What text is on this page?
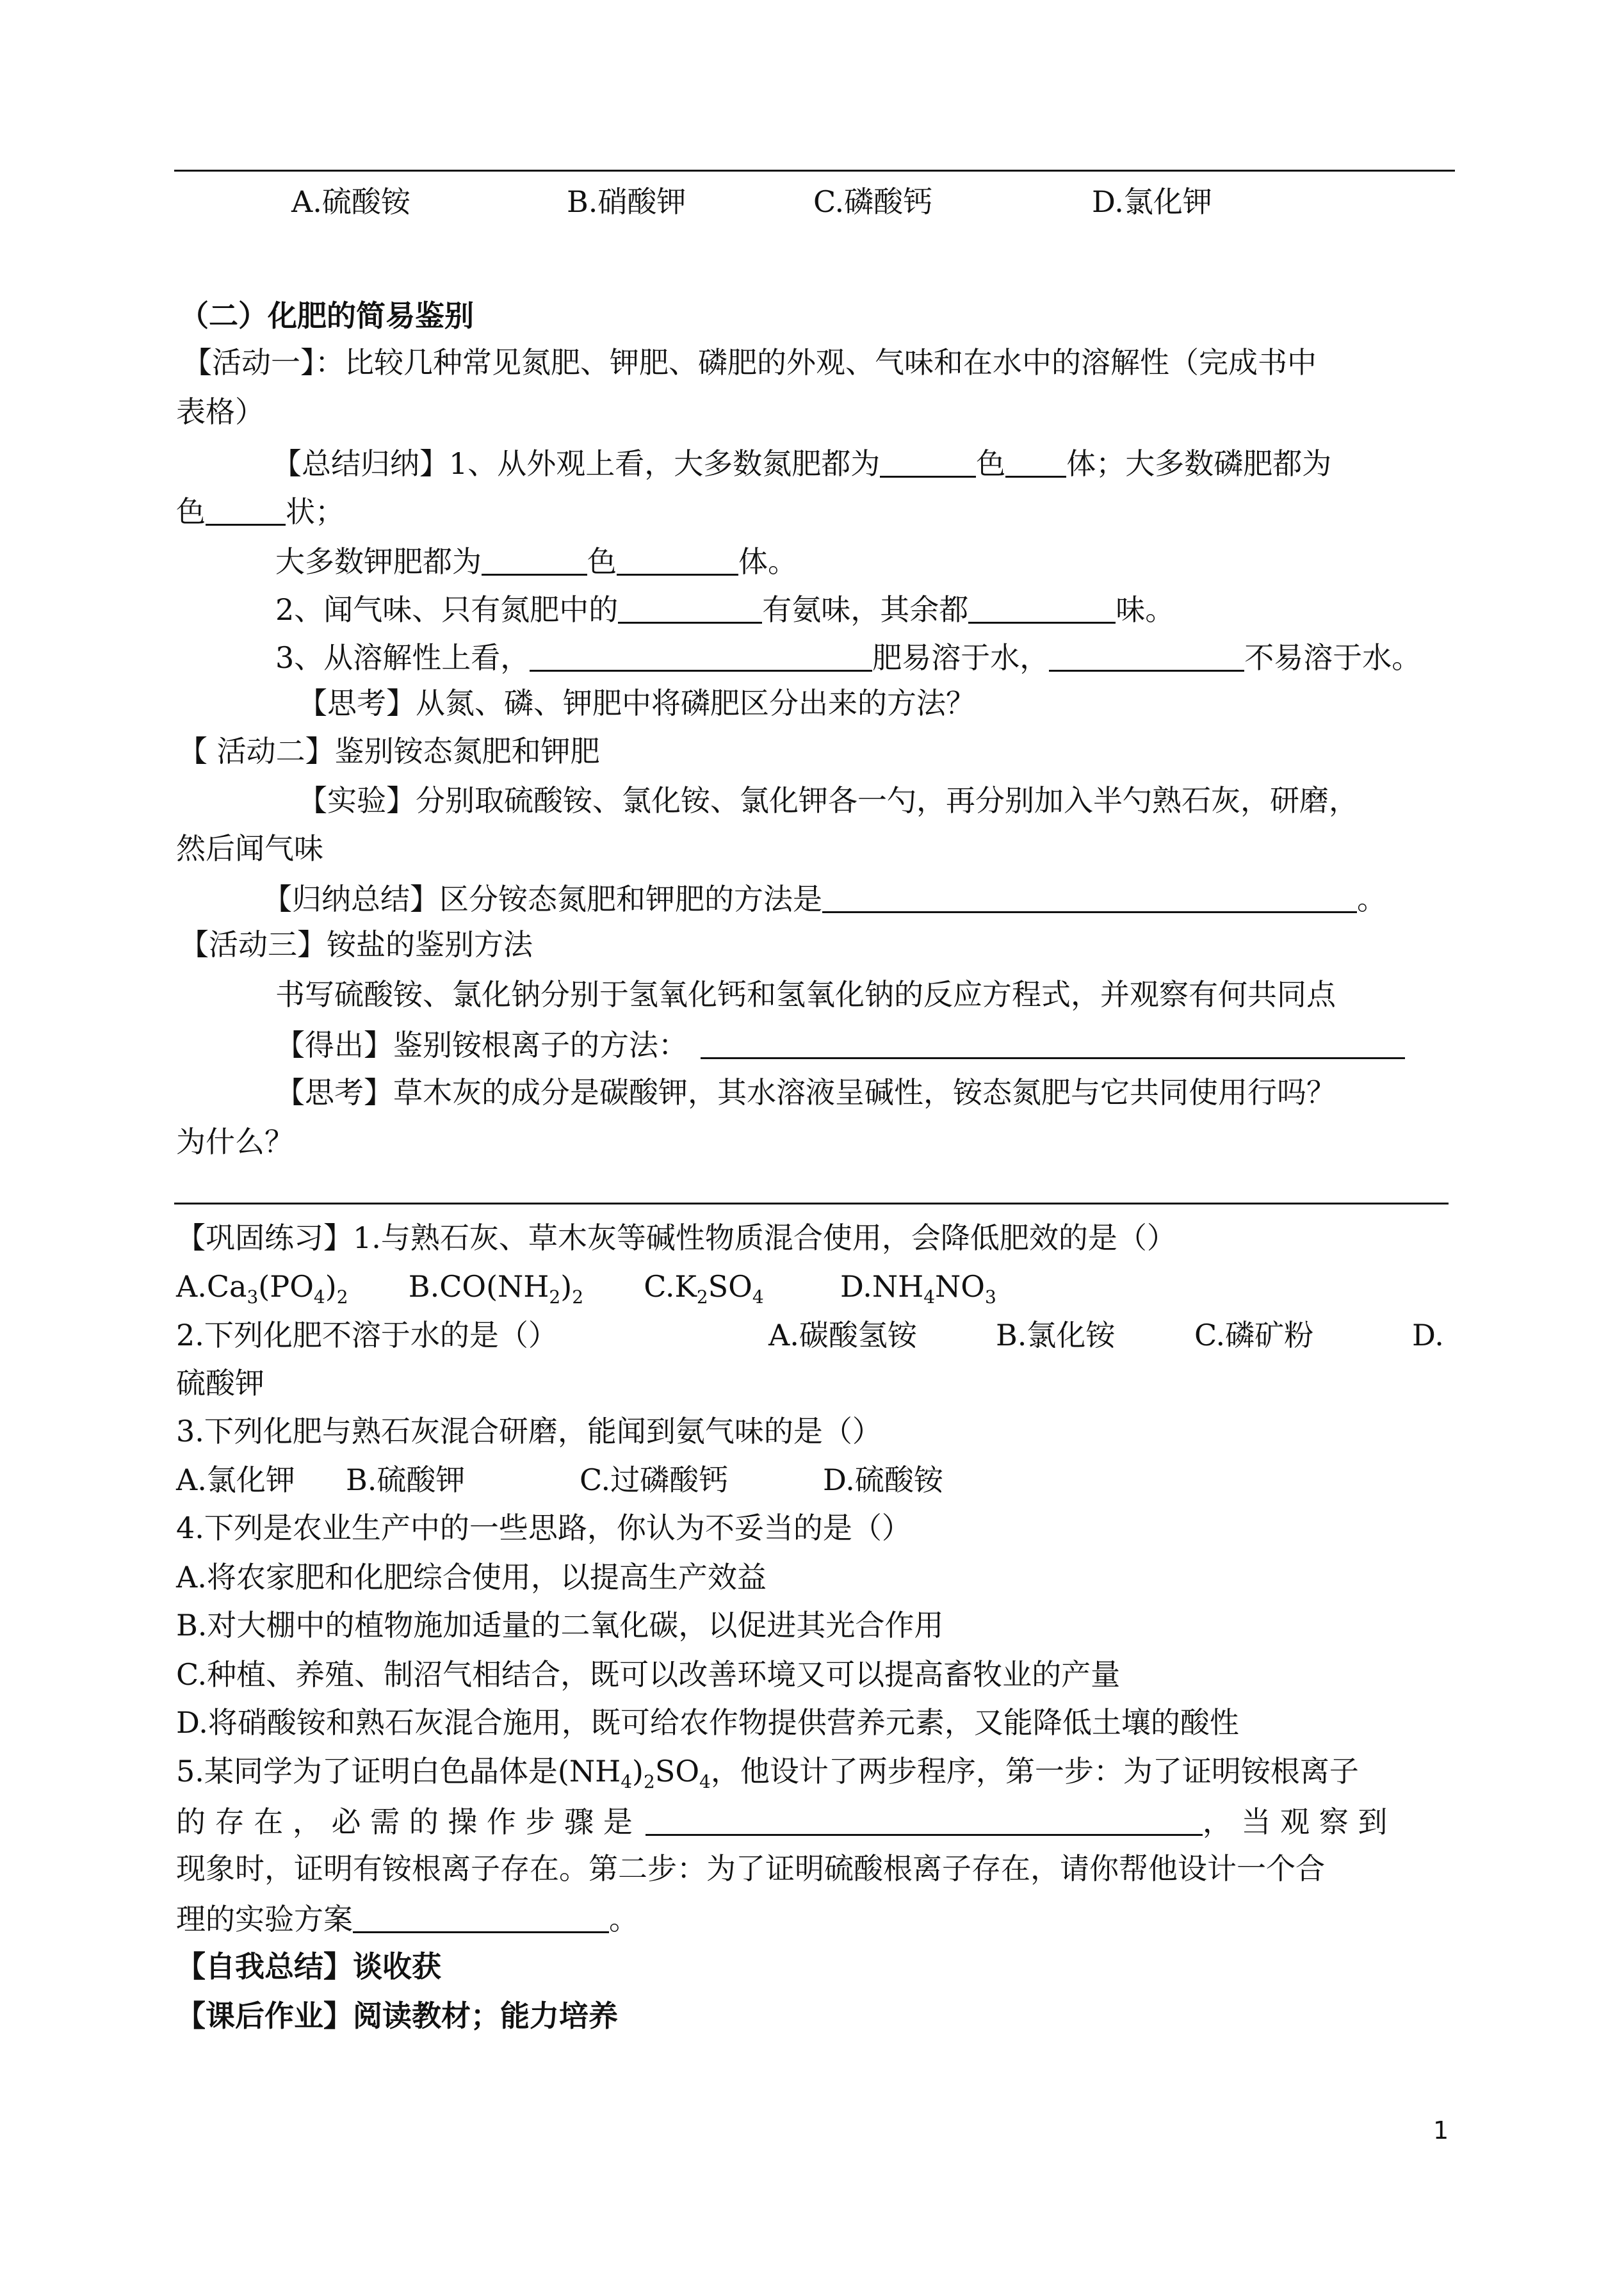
A.硫酸铵	B.硝酸钾	C.磷酸钙	D.氯化钾
（二）化肥的简易鉴别
【活动一】：比较几种常见氮肥、钾肥、磷肥的外观、气味和在水中的溶解性（完成书中
表格）
【总结归纳】1、从外观上看，大多数氮肥都为	色 体；大多数磷肥都为
色	状；
大多数钾肥都为	色	体。
2、闻气味、只有氮肥中的	有氨味，其余都	味。
3、从溶解性上看，	肥易溶于水，	不易溶于水。
【思考】从氮、磷、钾肥中将磷肥区分出来的方法？
【 活动二】鉴别铵态氮肥和钾肥
【实验】分别取硫酸铵、氯化铵、氯化钾各一勺，再分别加入半勺熟石灰，研磨，
然后闻气味
【归纳总结】区分铵态氮肥和钾肥的方法是	。
【活动三】铵盐的鉴别方法
书写硫酸铵、氯化钠分别于氢氧化钙和氢氧化钠的反应方程式，并观察有何共同点
【得出】鉴别铵根离子的方法：
【思考】草木灰的成分是碳酸钾，其水溶液呈碱性，铵态氮肥与它共同使用行吗？
为什么？
【巩固练习】1.与熟石灰、草木灰等碱性物质混合使用，会降低肥效的是（）
$A.Ca_3(PO_4)_2$ $B.CO(NH_2)_2$ $C.K_2SO_4$	$D.NH_4NO_3$
2.下列化肥不溶于水的是（）	A.碳酸氢铵	B.氯化铵	C.磷矿粉	D.
硫酸钾
3.下列化肥与熟石灰混合研磨，能闻到氨气味的是（）
A.氯化钾 B.硫酸钾	C.过磷酸钙	D.硫酸铵
4.下列是农业生产中的一些思路，你认为不妥当的是（）
A.将农家肥和化肥综合使用，以提高生产效益
B.对大棚中的植物施加适量的二氧化碳，以促进其光合作用
C.种植、养殖、制沼气相结合，既可以改善环境又可以提高畜牧业的产量
D.将硝酸铵和熟石灰混合施用，既可给农作物提供营养元素，又能降低土壤的酸性
5.某同学为了证明白色晶体是$(NH_4)_2SO_4$，他设计了两步程序，第一步：为了证明铵根离子
的 存 在 ， 必 需 的 操 作 步 骤 是	， 当 观 察 到
现象时，证明有铵根离子存在。第二步：为了证明硫酸根离子存在，请你帮他设计一个合
理的实验方案	。
【自我总结】谈收获
【课后作业】阅读教材；能力培养
1
